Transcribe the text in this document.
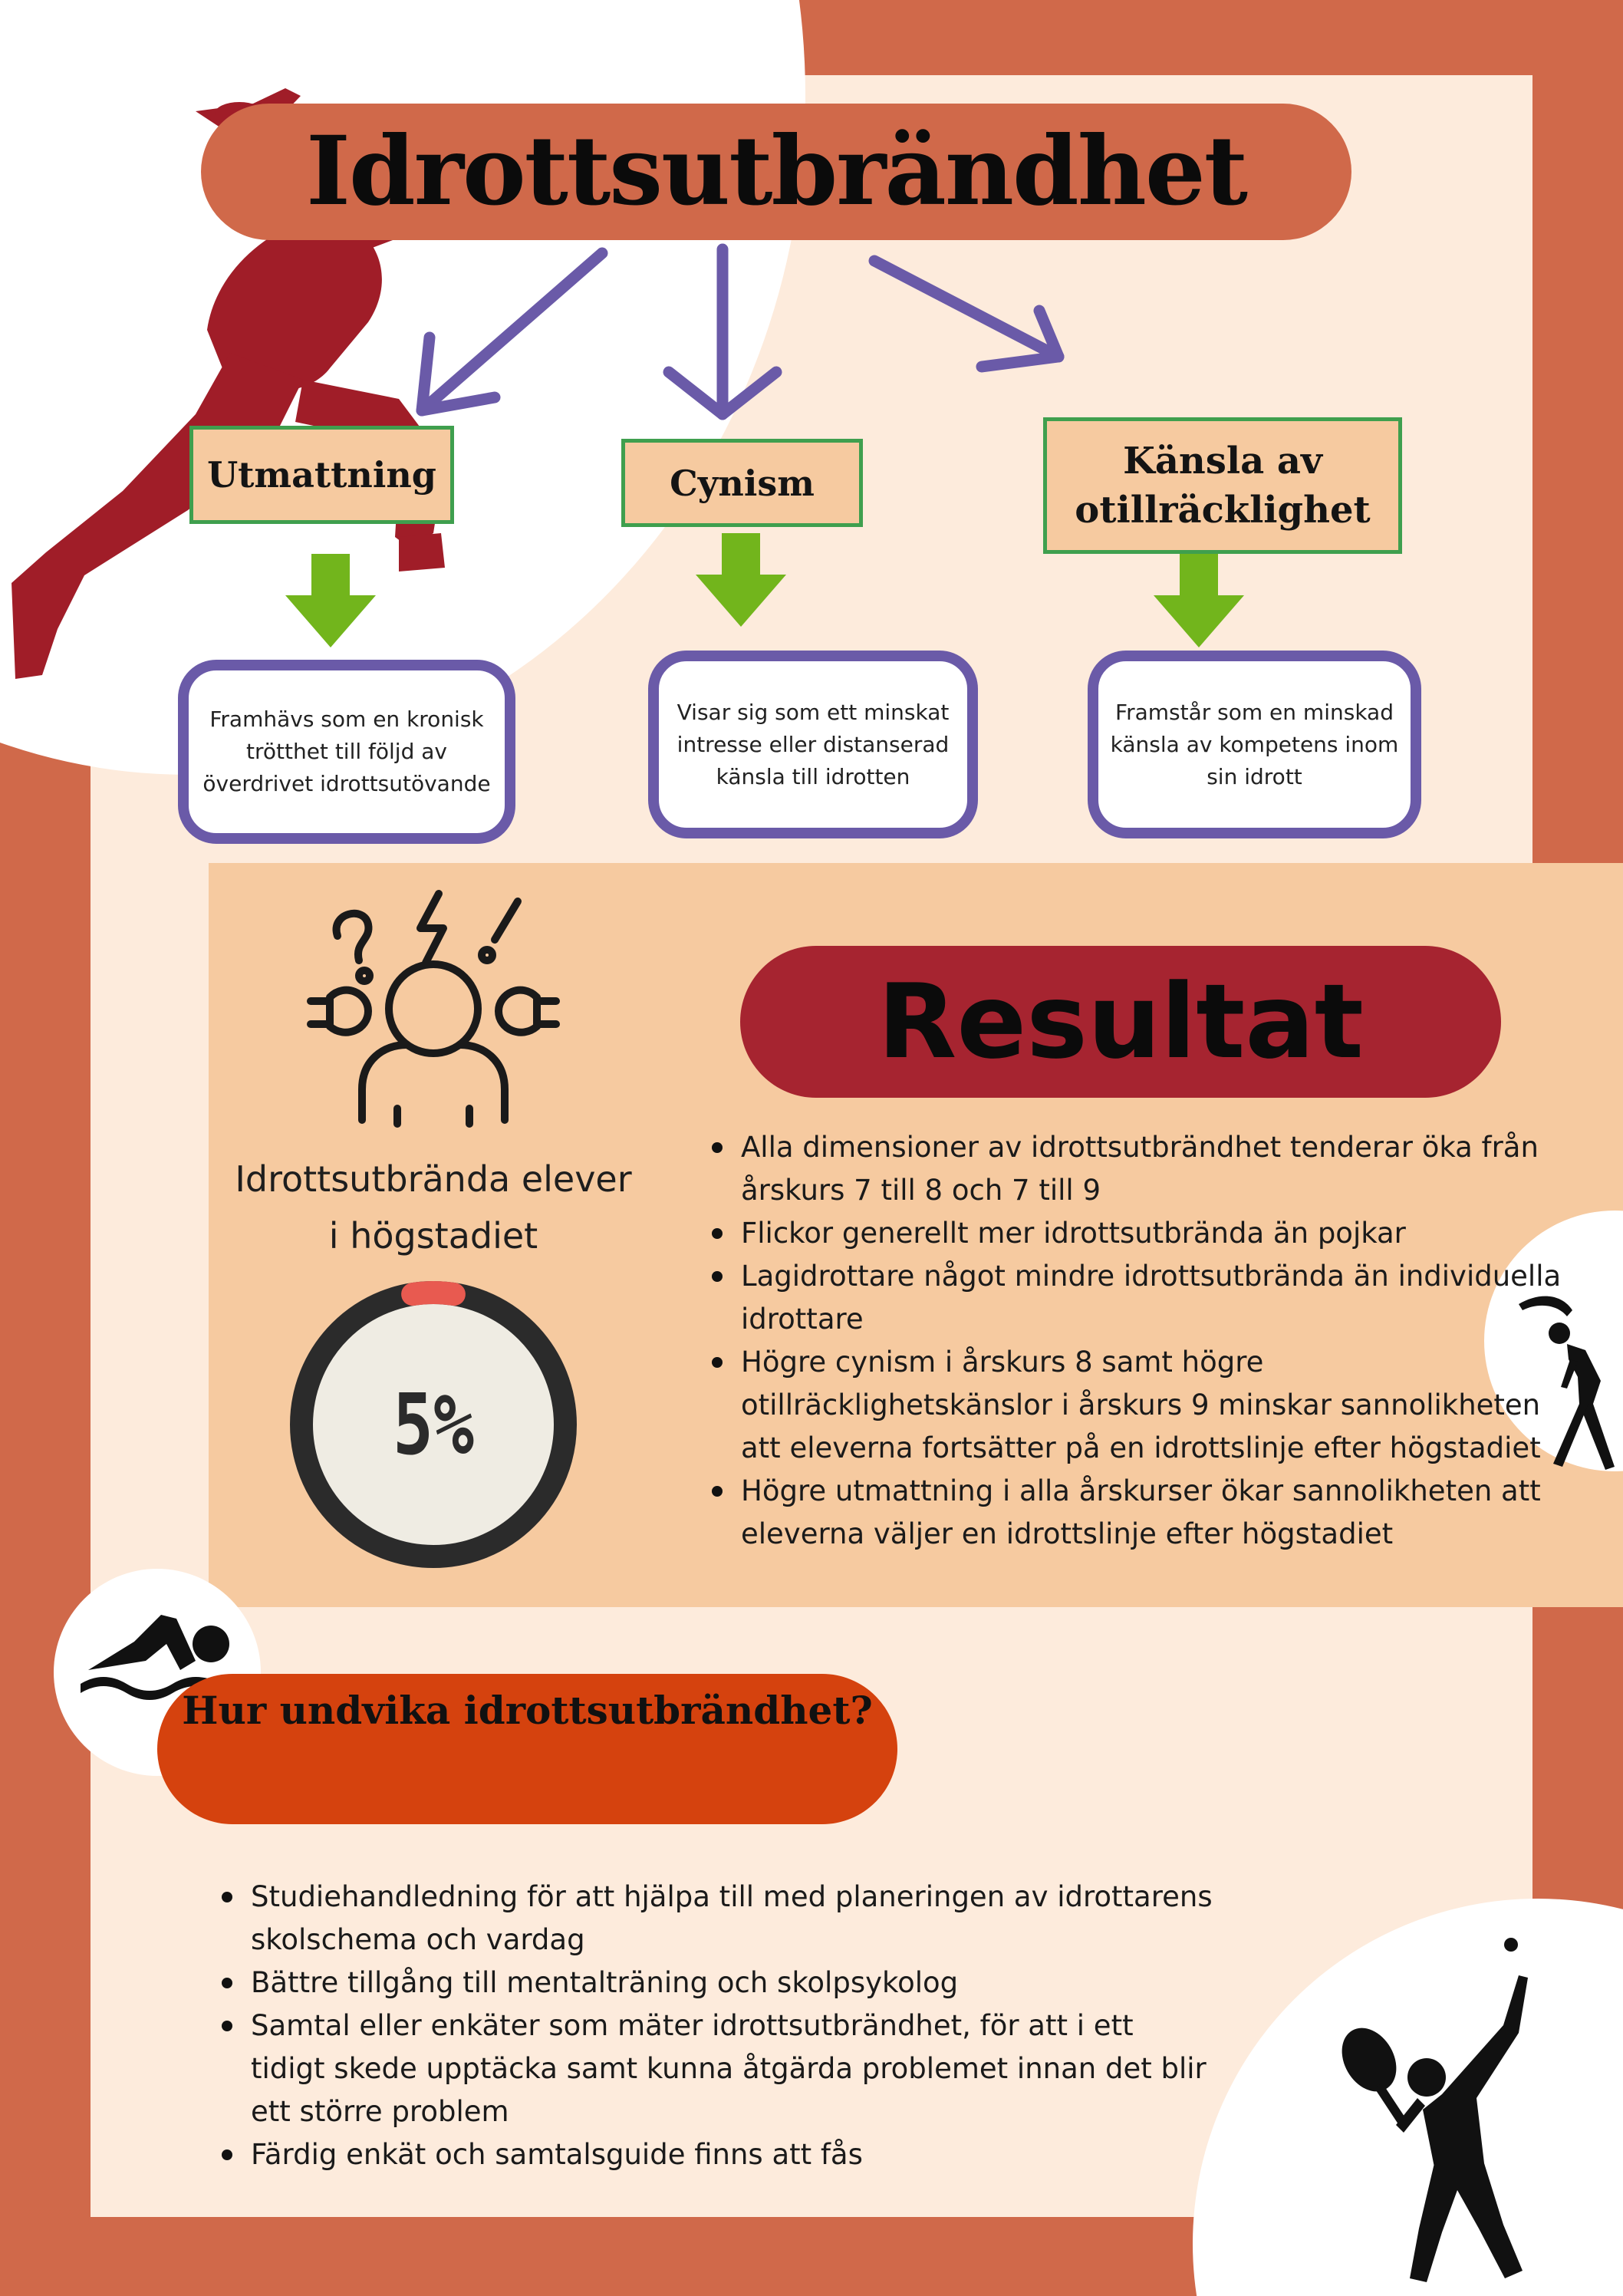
Idrottsutbrändhet
Utmattning	Cynism
Känsla av otillräcklighet
Framhävs som en kronisk trötthet till följd av överdrivet idrottsutövande
Visar sig som ett minskat intresse eller distanserad känsla till idrotten
Framstår som en minskad känsla av kompetens inom sin idrott
Idrottsutbrända elever i högstadiet
5%
Resultat
Alla dimensioner av idrottsutbrändhet tenderar öka från årskurs 7 till 8 och 7 till 9
Flickor generellt mer idrottsutbrända än pojkar
Lagidrottare något mindre idrottsutbrända än individuella idrottare
Högre cynism i årskurs 8 samt högre otillräcklighetskänslor i årskurs 9 minskar sannolikheten att eleverna fortsätter på en idrottslinje efter högstadiet
Högre utmattning i alla årskurser ökar sannolikheten att eleverna väljer en idrottslinje efter högstadiet
Hur undvika idrottsutbrändhet?
Studiehandledning för att hjälpa till med planeringen av idrottarens skolschema och vardag
Bättre tillgång till mentalträning och skolpsykolog
Samtal eller enkäter som mäter idrottsutbrändhet, för att i ett tidigt skede upptäcka samt kunna åtgärda problemet innan det blir ett större problem
Färdig enkät och samtalsguide finns att fås
